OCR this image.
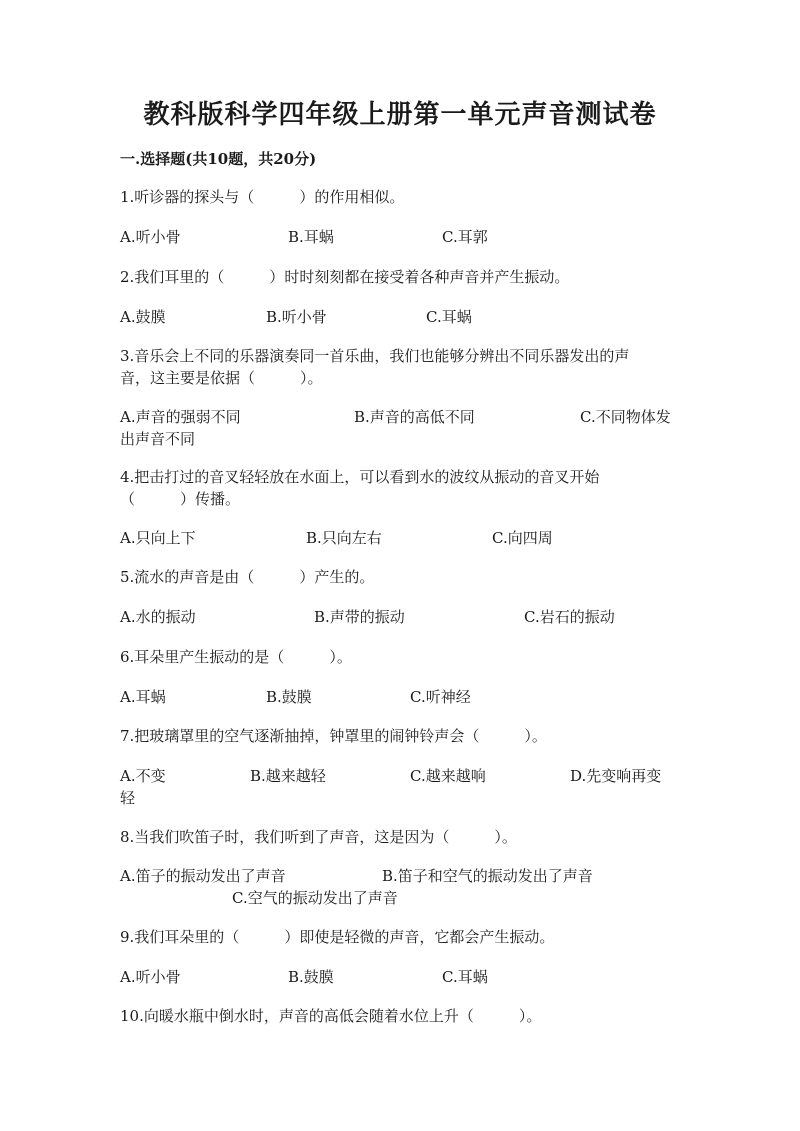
教科版科学四年级上册第一单元声音测试卷
一.选择题(共10题，共20分)
1.听诊器的探头与（　　　）的作用相似。
A.听小骨	B.耳蜗	C.耳郭
2.我们耳里的（　　　）时时刻刻都在接受着各种声音并产生振动。
A.鼓膜	B.听小骨	C.耳蜗
3.音乐会上不同的乐器演奏同一首乐曲，我们也能够分辨出不同乐器发出的声
音，这主要是依据（　　　）。
A.声音的强弱不同	B.声音的高低不同	C.不同物体发
出声音不同
4.把击打过的音叉轻轻放在水面上，可以看到水的波纹从振动的音叉开始
（　　　）传播。
A.只向上下	B.只向左右	C.向四周
5.流水的声音是由（　　　）产生的。
A.水的振动	B.声带的振动	C.岩石的振动
6.耳朵里产生振动的是（　　　）。
A.耳蜗	B.鼓膜	C.听神经
7.把玻璃罩里的空气逐渐抽掉，钟罩里的闹钟铃声会（　　　）。
A.不变	B.越来越轻	C.越来越响	D.先变响再变
轻
8.当我们吹笛子时，我们听到了声音，这是因为（　　　）。
A.笛子的振动发出了声音	B.笛子和空气的振动发出了声音
C.空气的振动发出了声音
9.我们耳朵里的（　　　）即使是轻微的声音，它都会产生振动。
A.听小骨	B.鼓膜	C.耳蜗
10.向暖水瓶中倒水时，声音的高低会随着水位上升（　　　）。
